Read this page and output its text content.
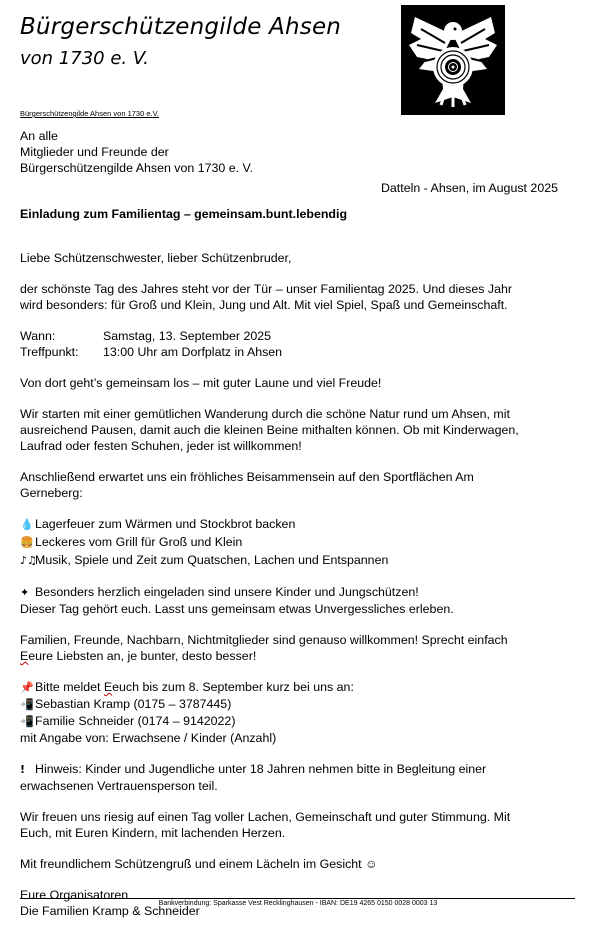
Bürgerschützengilde Ahsen
von 1730 e. V.
Bürgerschützengilde Ahsen von 1730 e.V.
An alle
Mitglieder und Freunde der
Bürgerschützengilde Ahsen von 1730 e. V.
Datteln - Ahsen, im August 2025
Einladung zum Familientag – gemeinsam.bunt.lebendig

Liebe Schützenschwester, lieber Schützenbruder,

der schönste Tag des Jahres steht vor der Tür – unser Familientag 2025. Und dieses Jahr

wird besonders: für Groß und Klein, Jung und Alt. Mit viel Spiel, Spaß und Gemeinschaft.

Wann:	Samstag, 13. September 2025

Treffpunkt: 13:00 Uhr am Dorfplatz in Ahsen

Von dort geht’s gemeinsam los – mit guter Laune und viel Freude!

Wir starten mit einer gemütlichen Wanderung durch die schöne Natur rund um Ahsen, mit

ausreichend Pausen, damit auch die kleinen Beine mithalten können. Ob mit Kinderwagen,

Laufrad oder festen Schuhen, jeder ist willkommen!

Anschließend erwartet uns ein fröhliches Beisammensein auf den Sportflächen Am

Gerneberg:

💧Lagerfeuer zum Wärmen und Stockbrot backen

🍔Leckeres vom Grill für Groß und Klein

♪♫Musik, Spiele und Zeit zum Quatschen, Lachen und Entspannen

✦ Besonders herzlich eingeladen sind unsere Kinder und Jungschützen!

Dieser Tag gehört euch. Lasst uns gemeinsam etwas Unvergessliches erleben.

Familien, Freunde, Nachbarn, Nichtmitglieder sind genauso willkommen! Sprecht einfach

Eeure Liebsten an, je bunter, desto besser!

📌Bitte meldet Eeuch bis zum 8. September kurz bei uns an:

📲Sebastian Kramp (0175 – 3787445)

📲Familie Schneider (0174 – 9142022)

mit Angabe von: Erwachsene / Kinder (Anzahl)

! Hinweis: Kinder und Jugendliche unter 18 Jahren nehmen bitte in Begleitung einer

erwachsenen Vertrauensperson teil.

Wir freuen uns riesig auf einen Tag voller Lachen, Gemeinschaft und guter Stimmung. Mit

Euch, mit Euren Kindern, mit lachenden Herzen.

Mit freundlichem Schützengruß und einem Lächeln im Gesicht ☺

Eure Organisatoren

Die Familien Kramp & Schneider

Bankverbindung: Sparkasse Vest Recklinghausen - IBAN: DE19 4265 0150 0028 0003 13
